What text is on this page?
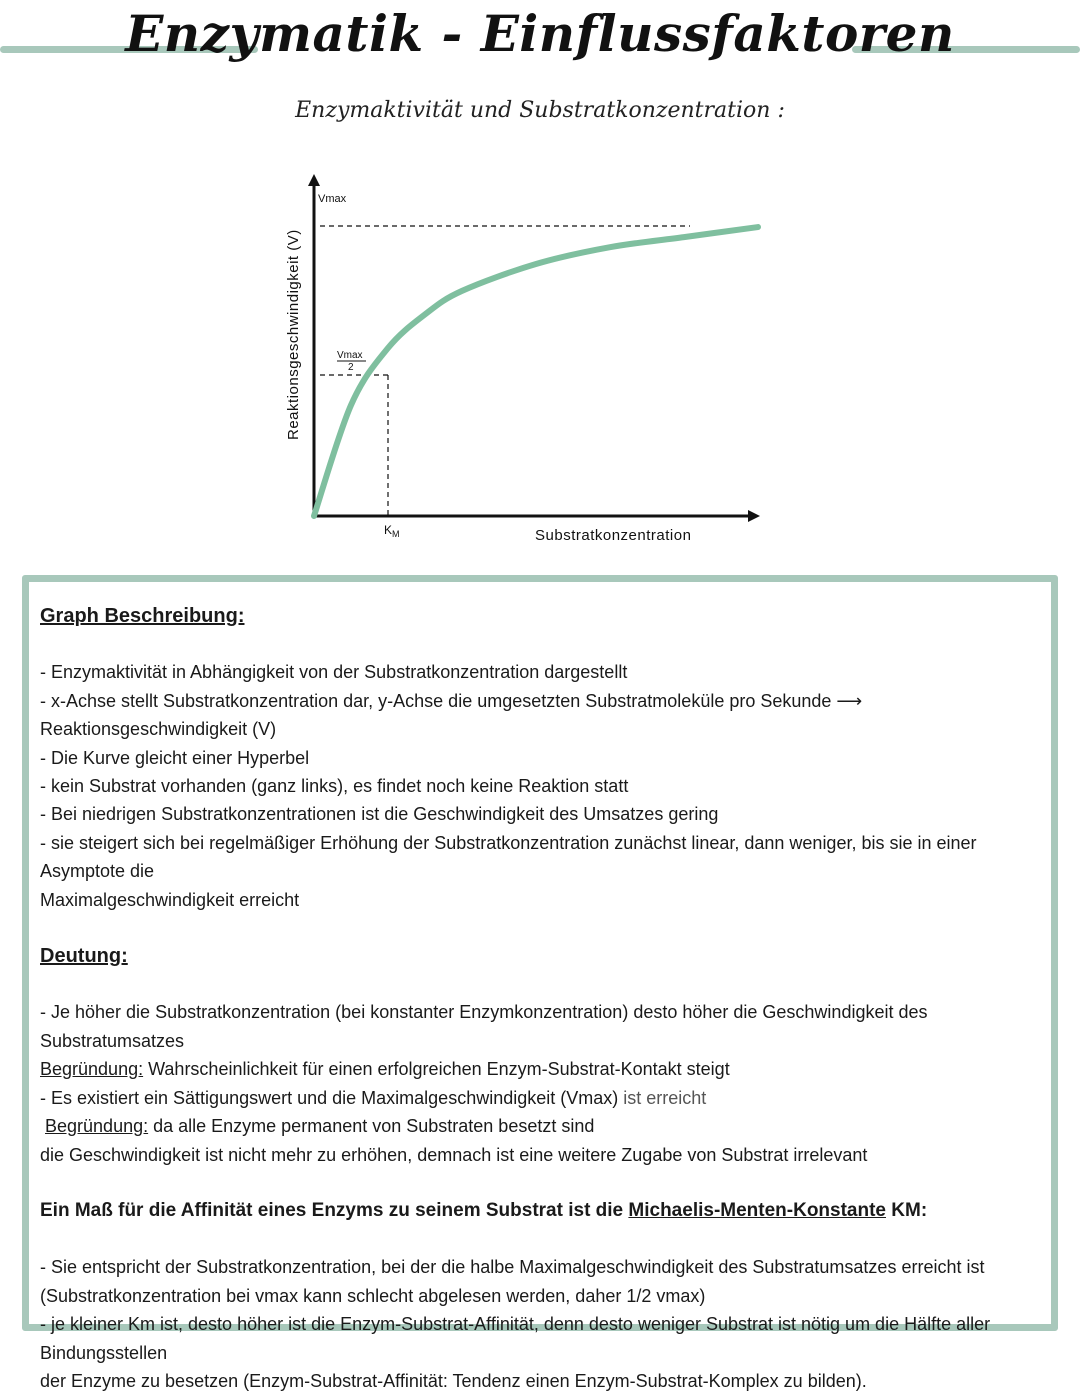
Enzymatik - Einflussfaktoren
Enzymaktivität und Substratkonzentration :
Vmax
Vmax
2
$K_M$	Substratkonzentration
Reaktionsgeschwindigkeit (V)

Graph Beschreibung:

- Enzymaktivität in Abhängigkeit von der Substratkonzentration dargestellt

- x-Achse stellt Substratkonzentration dar, y-Achse die umgesetzten Substratmoleküle pro Sekunde ⟶ Reaktionsgeschwindigkeit (V)

- Die Kurve gleicht einer Hyperbel

- kein Substrat vorhanden (ganz links), es findet noch keine Reaktion statt

- Bei niedrigen Substratkonzentrationen ist die Geschwindigkeit des Umsatzes gering

- sie steigert sich bei regelmäßiger Erhöhung der Substratkonzentration zunächst linear, dann weniger, bis sie in einer Asymptote die

Maximalgeschwindigkeit erreicht

Deutung:

- Je höher die Substratkonzentration (bei konstanter Enzymkonzentration) desto höher die Geschwindigkeit des Substratumsatzes

Begründung: Wahrscheinlichkeit für einen erfolgreichen Enzym-Substrat-Kontakt steigt

- Es existiert ein Sättigungswert und die Maximalgeschwindigkeit (Vmax) ist erreicht

Begründung: da alle Enzyme permanent von Substraten besetzt sind

die Geschwindigkeit ist nicht mehr zu erhöhen, demnach ist eine weitere Zugabe von Substrat irrelevant

Ein Maß für die Affinität eines Enzyms zu seinem Substrat ist die Michaelis-Menten-Konstante KM:

- Sie entspricht der Substratkonzentration, bei der die halbe Maximalgeschwindigkeit des Substratumsatzes erreicht ist

(Substratkonzentration bei vmax kann schlecht abgelesen werden, daher 1/2 vmax)

- je kleiner Km ist, desto höher ist die Enzym-Substrat-Affinität, denn desto weniger Substrat ist nötig um die Hälfte aller Bindungsstellen

der Enzyme zu besetzen (Enzym-Substrat-Affinität: Tendenz einen Enzym-Substrat-Komplex zu bilden).
